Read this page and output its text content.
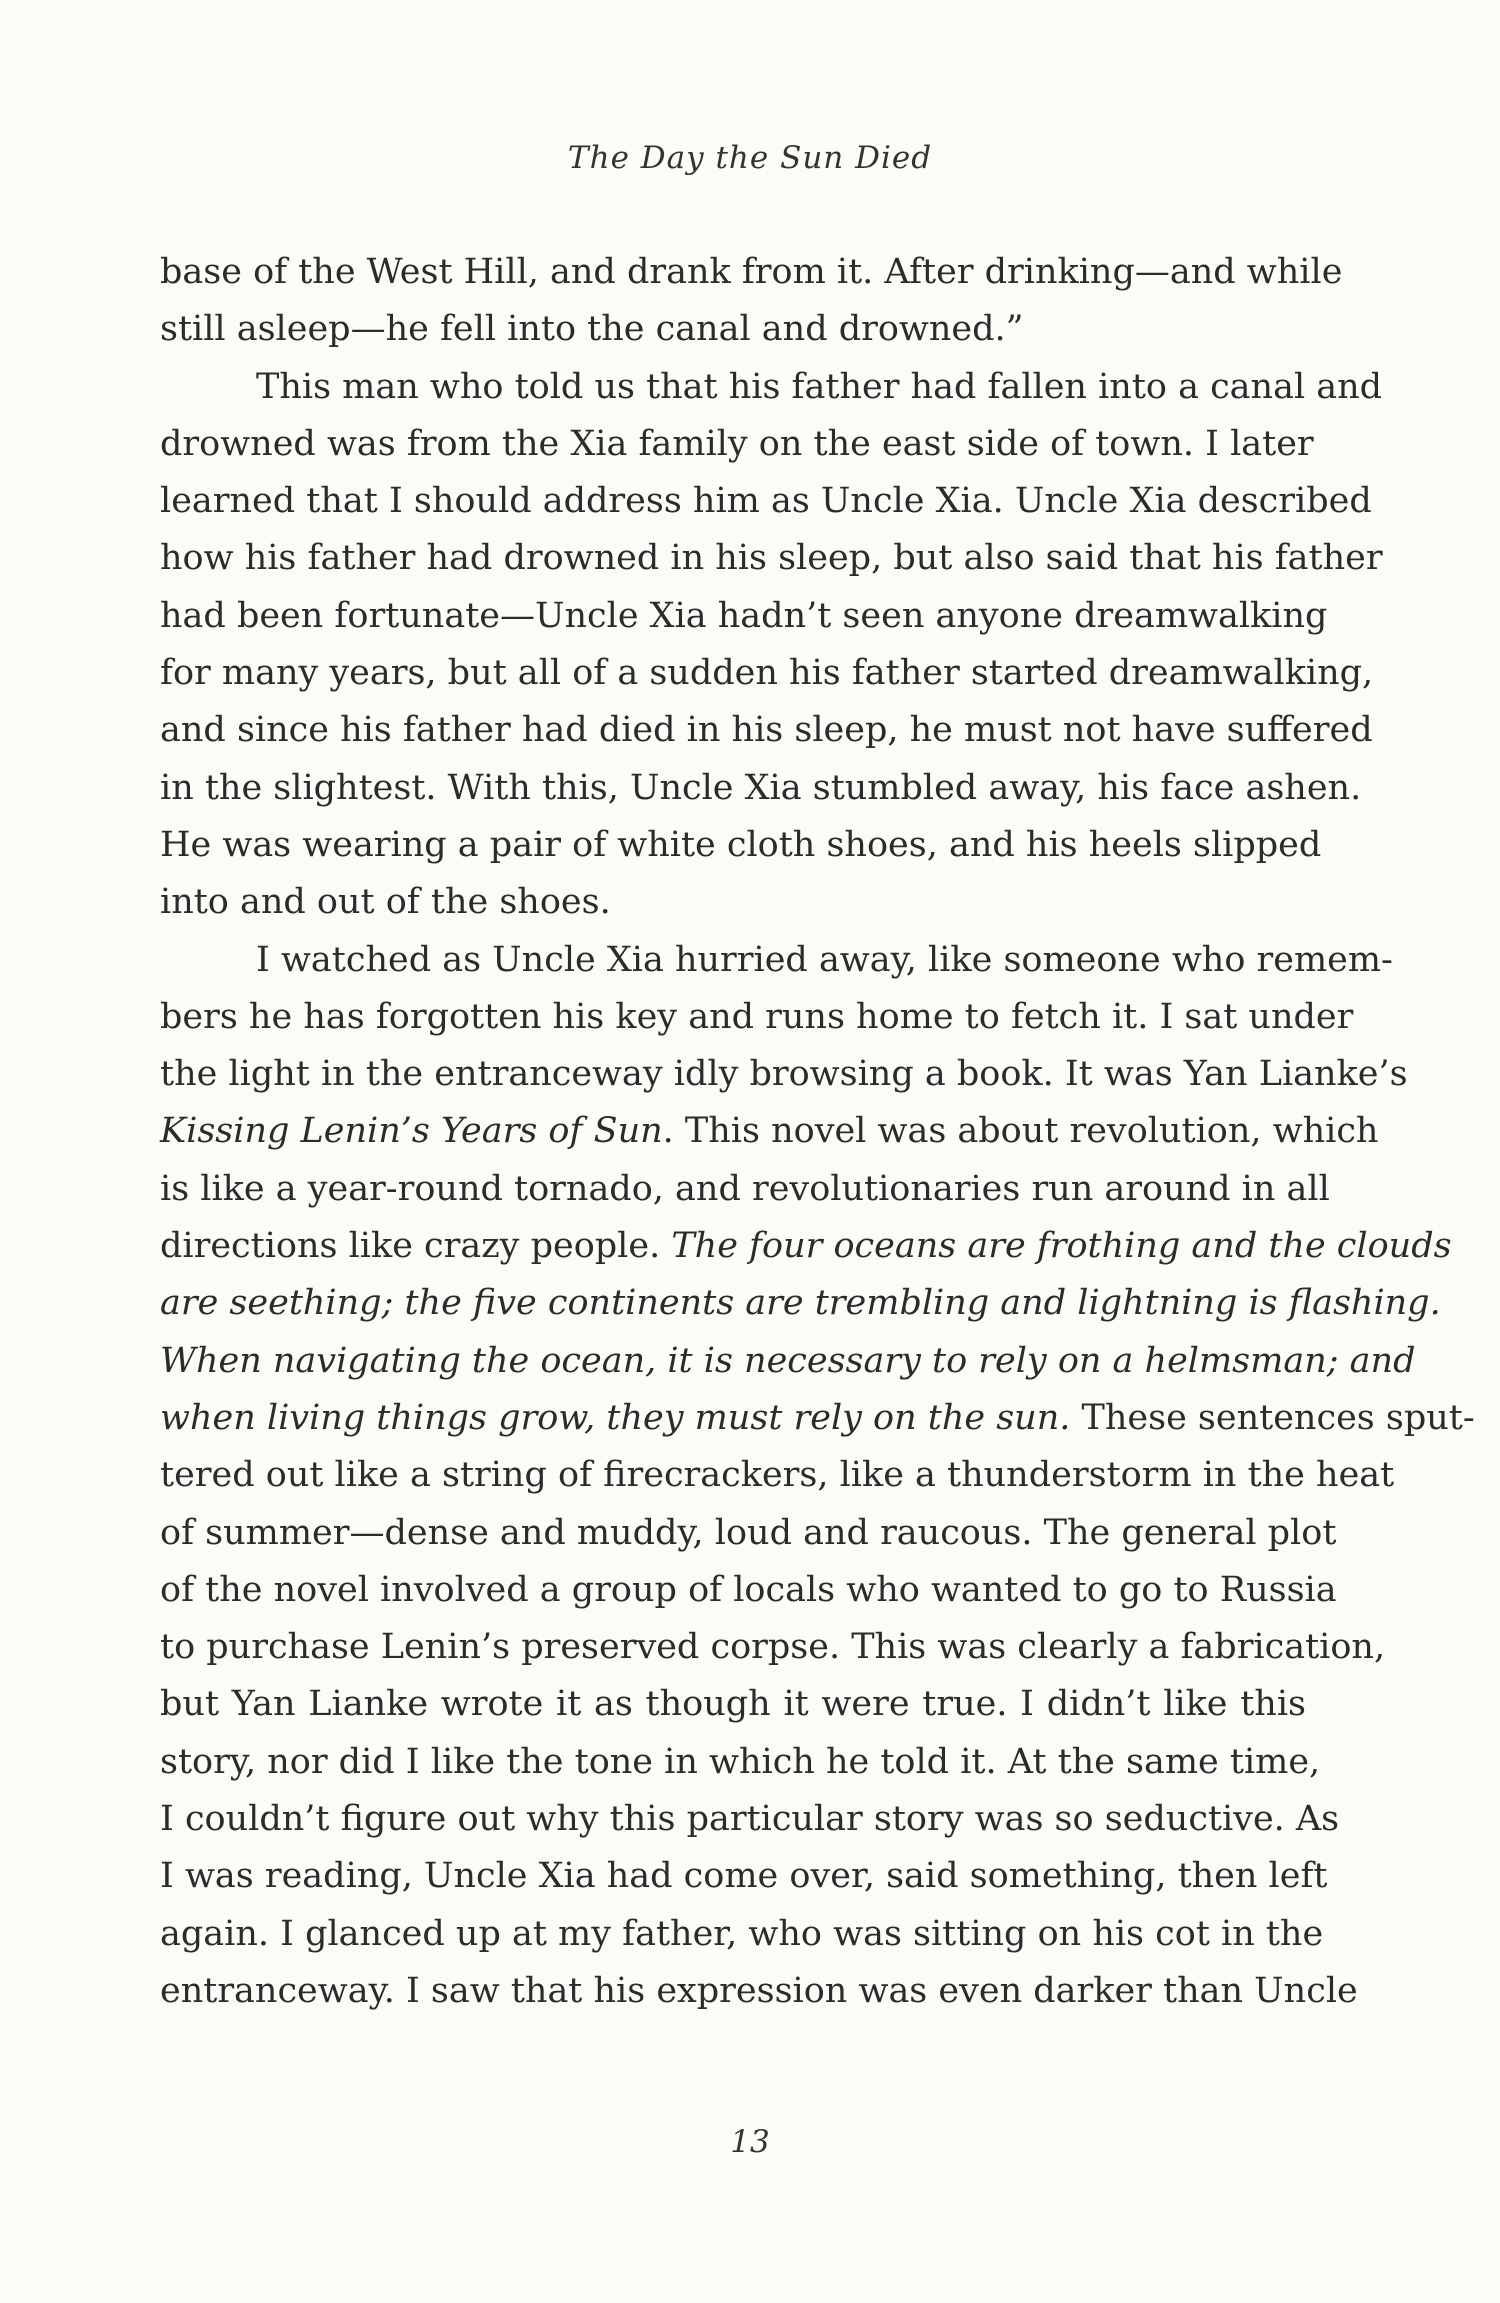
The Day the Sun Died
base of the West Hill, and drank from it. After drinking—and while
still asleep—he fell into the canal and drowned.”
This man who told us that his father had fallen into a canal and
drowned was from the Xia family on the east side of town. I later
learned that I should address him as Uncle Xia. Uncle Xia described
how his father had drowned in his sleep, but also said that his father
had been fortunate—Uncle Xia hadn’t seen anyone dreamwalking
for many years, but all of a sudden his father started dreamwalking,
and since his father had died in his sleep, he must not have suffered
in the slightest. With this, Uncle Xia stumbled away, his face ashen.
He was wearing a pair of white cloth shoes, and his heels slipped
into and out of the shoes.
I watched as Uncle Xia hurried away, like someone who remem-
bers he has forgotten his key and runs home to fetch it. I sat under
the light in the entranceway idly browsing a book. It was Yan Lianke’s
Kissing Lenin’s Years of Sun. This novel was about revolution, which
is like a year-round tornado, and revolutionaries run around in all
directions like crazy people. The four oceans are frothing and the clouds
are seething; the five continents are trembling and lightning is flashing.
When navigating the ocean, it is necessary to rely on a helmsman; and
when living things grow, they must rely on the sun. These sentences sput-
tered out like a string of firecrackers, like a thunderstorm in the heat
of summer—dense and muddy, loud and raucous. The general plot
of the novel involved a group of locals who wanted to go to Russia
to purchase Lenin’s preserved corpse. This was clearly a fabrication,
but Yan Lianke wrote it as though it were true. I didn’t like this
story, nor did I like the tone in which he told it. At the same time,
I couldn’t figure out why this particular story was so seductive. As
I was reading, Uncle Xia had come over, said something, then left
again. I glanced up at my father, who was sitting on his cot in the
entranceway. I saw that his expression was even darker than Uncle
13
